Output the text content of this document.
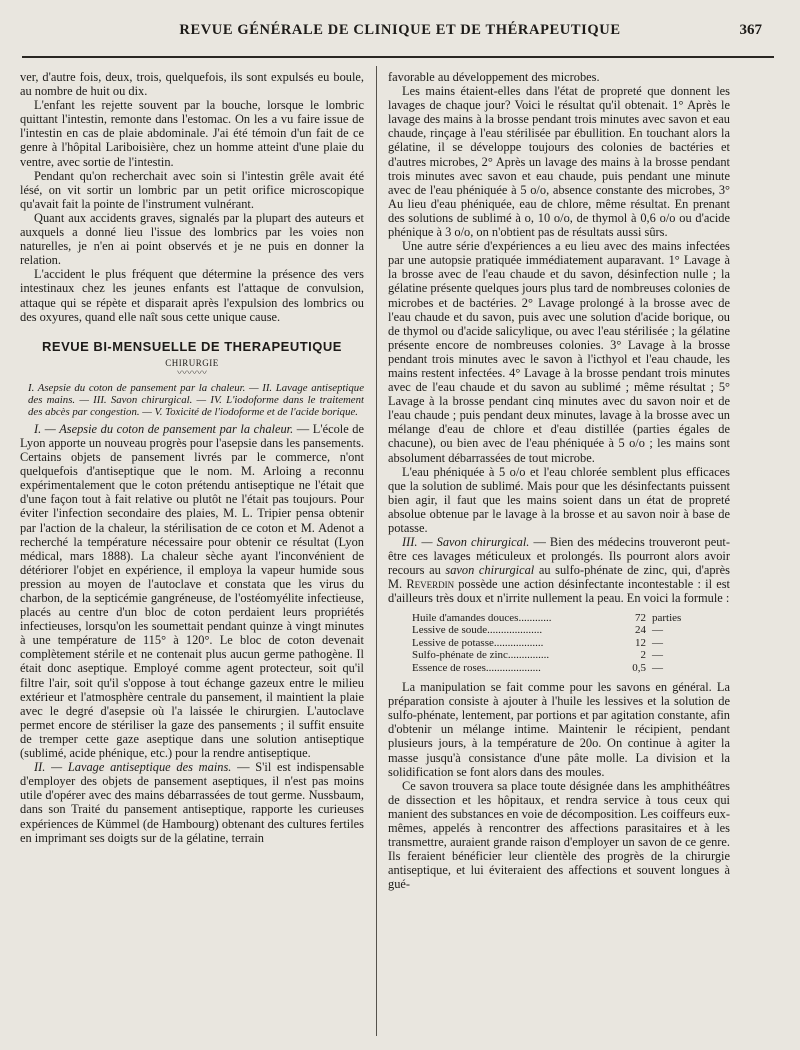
REVUE GÉNÉRALE DE CLINIQUE ET DE THÉRAPEUTIQUE	367

ver, d'autre fois, deux, trois, quelquefois, ils sont expulsés eu boule, au nombre de huit ou dix.

L'enfant les rejette souvent par la bouche, lorsque le lombric quittant l'intestin, remonte dans l'estomac. On les a vu faire issue de l'intestin en cas de plaie abdominale. J'ai été témoin d'un fait de ce genre à l'hôpital Lariboisière, chez un homme atteint d'une plaie du ventre, avec sortie de l'intestin.

Pendant qu'on recherchait avec soin si l'intestin grêle avait été lésé, on vit sortir un lombric par un petit orifice microscopique qu'avait fait la pointe de l'instrument vulnérant.

Quant aux accidents graves, signalés par la plupart des auteurs et auxquels a donné lieu l'issue des lombrics par les voies non naturelles, je n'en ai point observés et je ne puis en donner la relation.

L'accident le plus fréquent que détermine la présence des vers intestinaux chez les jeunes enfants est l'attaque de convulsion, attaque qui se répète et disparait après l'expulsion des lombrics ou des oxyures, quand elle naît sous cette unique cause.

REVUE BI-MENSUELLE DE THERAPEUTIQUE
CHIRURGIE
〰〰〰

I. Asepsie du coton de pansement par la chaleur. — II. Lavage antiseptique des mains. — III. Savon chirurgical. — IV. L'iodoforme dans le traitement des abcès par congestion. — V. Toxicité de l'iodoforme et de l'acide borique.

I. — Asepsie du coton de pansement par la chaleur. — L'école de Lyon apporte un nouveau progrès pour l'asepsie dans les pansements. Certains objets de pansement livrés par le commerce, n'ont quelquefois d'antiseptique que le nom. M. Arloing a reconnu expérimentalement que le coton prétendu antiseptique ne l'était que d'une façon tout à fait relative ou plutôt ne l'était pas toujours. Pour éviter l'infection secondaire des plaies, M. L. Tripier pensa obtenir par l'action de la chaleur, la stérilisation de ce coton et M. Adenot a recherché la température nécessaire pour obtenir ce résultat (Lyon médical, mars 1888). La chaleur sèche ayant l'inconvénient de détériorer l'objet en expérience, il employa la vapeur humide sous pression au moyen de l'autoclave et constata que les virus du charbon, de la septicémie gangréneuse, de l'ostéomyélite infectieuse, placés au centre d'un bloc de coton perdaient leurs propriétés infectieuses, lorsqu'on les soumettait pendant quinze à vingt minutes à une température de 115° à 120°. Le bloc de coton devenait complètement stérile et ne contenait plus aucun germe pathogène. Il était donc aseptique. Employé comme agent protecteur, soit qu'il filtre l'air, soit qu'il s'oppose à tout échange gazeux entre le milieu extérieur et l'atmosphère centrale du pansement, il maintient la plaie avec le degré d'asepsie où l'a laissée le chirurgien. L'autoclave permet encore de stériliser la gaze des pansements ; il suffit ensuite de tremper cette gaze aseptique dans une solution antiseptique (sublimé, acide phénique, etc.) pour la rendre antiseptique.

II. — Lavage antiseptique des mains. — S'il est indispensable d'employer des objets de pansement aseptiques, il n'est pas moins utile d'opérer avec des mains débarrassées de tout germe. Nussbaum, dans son Traité du pansement antiseptique, rapporte les curieuses expériences de Kümmel (de Hambourg) obtenant des cultures fertiles en imprimant ses doigts sur de la gélatine, terrain

favorable au développement des microbes.

Les mains étaient-elles dans l'état de propreté que donnent les lavages de chaque jour? Voici le résultat qu'il obtenait. 1° Après le lavage des mains à la brosse pendant trois minutes avec savon et eau chaude, rinçage à l'eau stérilisée par ébullition. En touchant alors la gélatine, il se développe toujours des colonies de bactéries et d'autres microbes, 2° Après un lavage des mains à la brosse pendant trois minutes avec savon et eau chaude, puis pendant une minute avec de l'eau phéniquée à 5 o/o, absence constante des microbes, 3° Au lieu d'eau phéniquée, eau de chlore, même résultat. En prenant des solutions de sublimé à o, 10 o/o, de thymol à 0,6 o/o ou d'acide phénique à 3 o/o, on n'obtient pas de résultats aussi sûrs.

Une autre série d'expériences a eu lieu avec des mains infectées par une autopsie pratiquée immédiatement auparavant. 1° Lavage à la brosse avec de l'eau chaude et du savon, désinfection nulle ; la gélatine présente quelques jours plus tard de nombreuses colonies de microbes et de bactéries. 2° Lavage prolongé à la brosse avec de l'eau chaude et du savon, puis avec une solution d'acide borique, ou de thymol ou d'acide salicylique, ou avec l'eau stérilisée ; la gélatine présente encore de nombreuses colonies. 3° Lavage à la brosse pendant trois minutes avec le savon à l'icthyol et l'eau chaude, les mains restent infectées. 4° Lavage à la brosse pendant trois minutes avec de l'eau chaude et du savon au sublimé ; même résultat ; 5° Lavage à la brosse pendant cinq minutes avec du savon noir et de l'eau chaude ; puis pendant deux minutes, lavage à la brosse avec un mélange d'eau de chlore et d'eau distillée (parties égales de chacune), ou bien avec de l'eau phéniquée à 5 o/o ; les mains sont absolument débarrassées de tout microbe.

L'eau phéniquée à 5 o/o et l'eau chlorée semblent plus efficaces que la solution de sublimé. Mais pour que les désinfectants puissent bien agir, il faut que les mains soient dans un état de propreté absolue obtenue par le lavage à la brosse et au savon noir à base de potasse.

III. — Savon chirurgical. — Bien des médecins trouveront peut-être ces lavages méticuleux et prolongés. Ils pourront alors avoir recours au savon chirurgical au sulfo-phénate de zinc, qui, d'après M. Reverdin possède une action désinfectante incontestable : il est d'ailleurs très doux et n'irrite nullement la peau. En voici la formule :

Huile d'amandes douces............	72 parties
Lessive de soude....................	24 —
Lessive de potasse..................	12 —
Sulfo-phénate de zinc...............	2 —
Essence de roses....................	0,5 —

La manipulation se fait comme pour les savons en général. La préparation consiste à ajouter à l'huile les lessives et la solution de sulfo-phénate, lentement, par portions et par agitation constante, afin d'obtenir un mélange intime. Maintenir le récipient, pendant plusieurs jours, à la température de 20o. On continue à agiter la masse jusqu'à consistance d'une pâte molle. La division et la solidification se font alors dans des moules.

Ce savon trouvera sa place toute désignée dans les amphithéâtres de dissection et les hôpitaux, et rendra service à tous ceux qui manient des substances en voie de décomposition. Les coiffeurs eux-mêmes, appelés à rencontrer des affections parasitaires et à les transmettre, auraient grande raison d'employer un savon de ce genre. Ils feraient bénéficier leur clientèle des progrès de la chirurgie antiseptique, et lui éviteraient des affections et souvent longues à gué-
